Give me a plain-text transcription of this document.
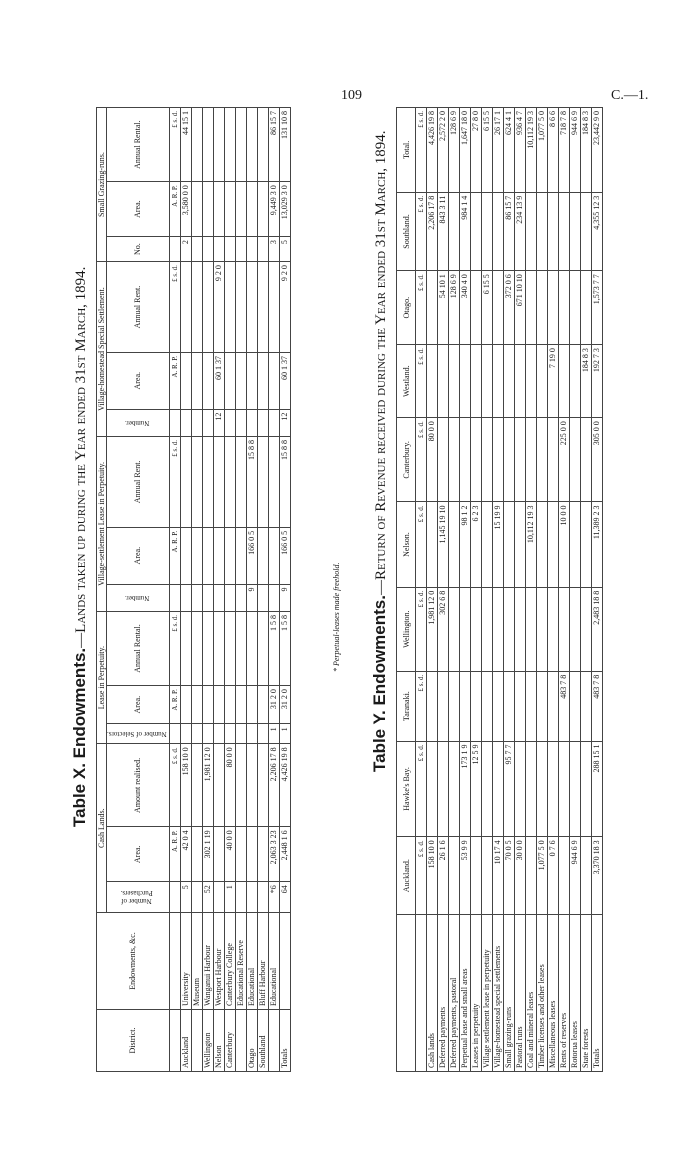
109	C.—1.
Table X. Endowments.—Lands taken up during the Year ended 31st March, 1894.
District.	Endowments, &c.	Cash Lands.			Lease in Perpetuity.			Village-settlement Lease in Perpetuity.			Village-homestead Special Settlement.			Small Grazing-runs.		
		Number of Purchasers.	Area.	Amount realised.	Number of Selectors.	Area.	Annual Rental.	Number.	Area.	Annual Rent.	Number.	Area.	Annual Rent.	No.	Area.	Annual Rental.
			A. R. P.	£ s. d.		A. R. P.	£ s. d.		A. R. P.	£ s. d.		A. R. P.	£ s. d.		A. R. P.	£ s. d.
Auckland	University	5	42 0 4	158 10 0										2	3,580 0 0	44 15 1
	Museum															
Wellington	Wanganui Harbour	52	302 1 19	1,981 12 0												
Nelson	Westport Harbour										12	60 1 37	9 2 0			
Canterbury	Canterbury College	1	40 0 0	80 0 0												
	Educational Reserve															
Otago	Educational							9	166 0 5	15 8 8						
Southland	Bluff Harbour															
	Educational	*6	2,063 3 23	2,206 17 8	1	31 2 0	1 5 8							3	9,449 3 0	86 15 7
Totals		64	2,448 1 6	4,426 19 8	1	31 2 0	1 5 8	9	166 0 5	15 8 8	12	60 1 37	9 2 0	5	13,029 3 0	131 10 8
* Perpetual-leases made freehold. Table Y. Endowments.—Return of Revenue received during the Year ended 31st March, 1894.
	Auckland.	Hawke's Bay.	Taranaki.	Wellington.	Nelson.	Canterbury.	Westland.	Otago.	Southland.	Total.
	£ s. d.	£ s. d.	£ s. d.	£ s. d.	£ s. d.	£ s. d.	£ s. d.	£ s. d.	£ s. d.	£ s. d.
Cash lands	158 10 0			1,981 12 0		80 0 0			2,206 17 8	4,426 19 8
Deferred payments	26 1 6			302 6 8	1,145 19 10			54 10 1	843 3 11	2,572 2 0
Deferred payments, pastoral								128 6 9		128 6 9
Perpetual lease and small areas	53 9 9	173 1 9			98 1 2			340 4 0	984 1 4	1,647 18 0
Leases in perpetuity		12 5 9			6 2 3					27 8 0
Village settlement lease in perpetuity								6 15 5		6 15 5
Village-homestead special settlements	10 17 4				15 19 9					26 17 1
Small grazing-runs	70 0 5	95 7 7						372 0 6	86 15 7	624 4 1
Pastoral runs	30 0 0							671 10 10	234 13 9	936 4 7
Coal and mineral leases					10,112 19 3					10,112 19 3
Timber licenses and other leases	1,077 5 0									1,077 5 0
Miscellaneous leases	0 7 6						7 19 0			8 6 6
Rents of reserves			483 7 8		10 0 0	225 0 0				718 7 8
Rotorua leases	944 6 9									944 6 9
State forests							184 8 3			184 8 3
Totals	3,370 18 3	288 15 1	483 7 8	2,483 18 8	11,389 2 3	305 0 0	192 7 3	1,573 7 7	4,355 12 3	23,442 9 0
